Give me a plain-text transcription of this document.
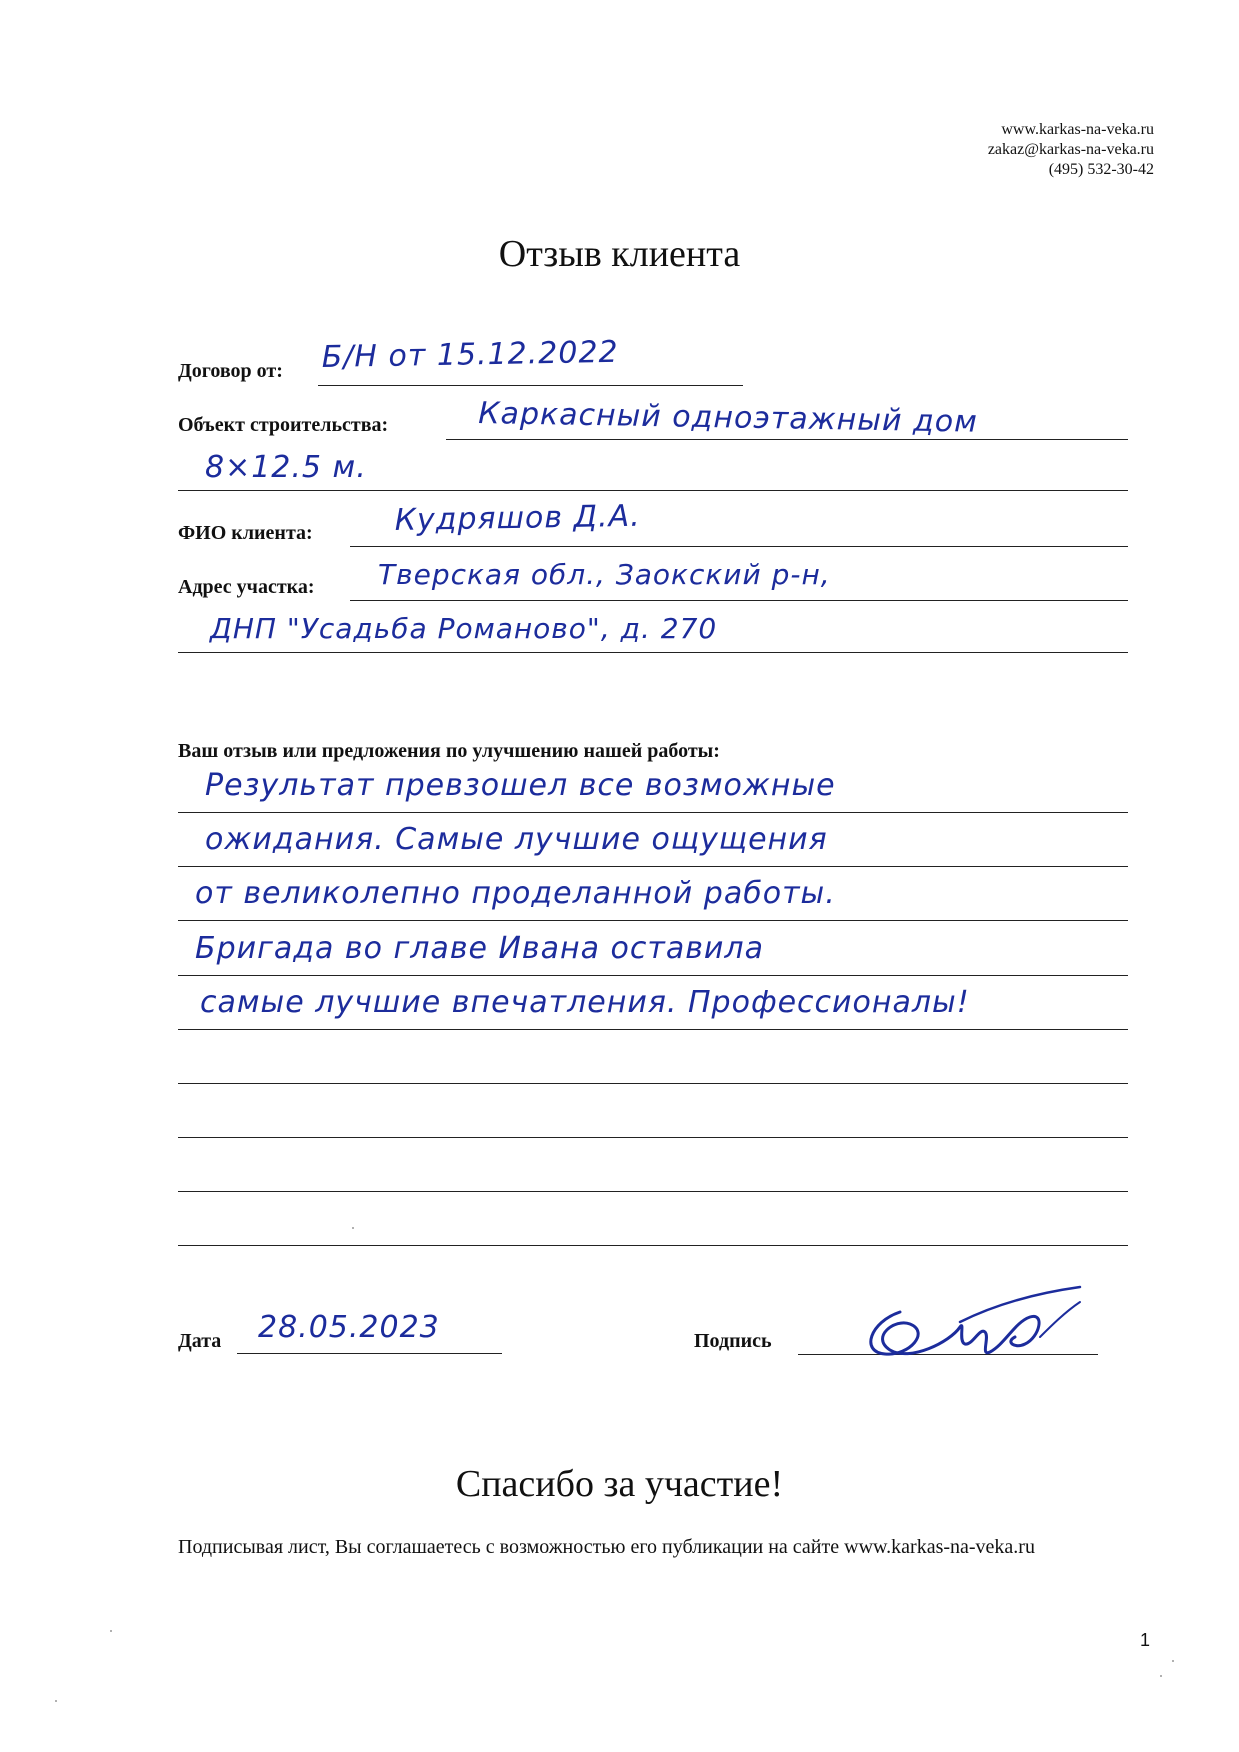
www.karkas-na-veka.ru
zakaz@karkas-na-veka.ru
(495) 532-30-42
Отзыв клиента
Договор от: Б/Н от 15.12.2022
Объект строительства:	Каркасный одноэтажный дом
8×12.5 м.
ФИО клиента:	Кудряшов Д.А.
Адрес участка: Тверская обл., Заокский р-н,
ДНП "Усадьба Романово", д. 270
Ваш отзыв или предложения по улучшению нашей работы:
Результат превзошел все возможные
ожидания. Самые лучшие ощущения
от великолепно проделанной работы.
Бригада во главе Ивана оставила
самые лучшие впечатления. Профессионалы!
Дата 28.05.2023	Подпись
Спасибо за участие!
Подписывая лист, Вы соглашаетесь с возможностью его публикации на сайте www.karkas-na-veka.ru
1
